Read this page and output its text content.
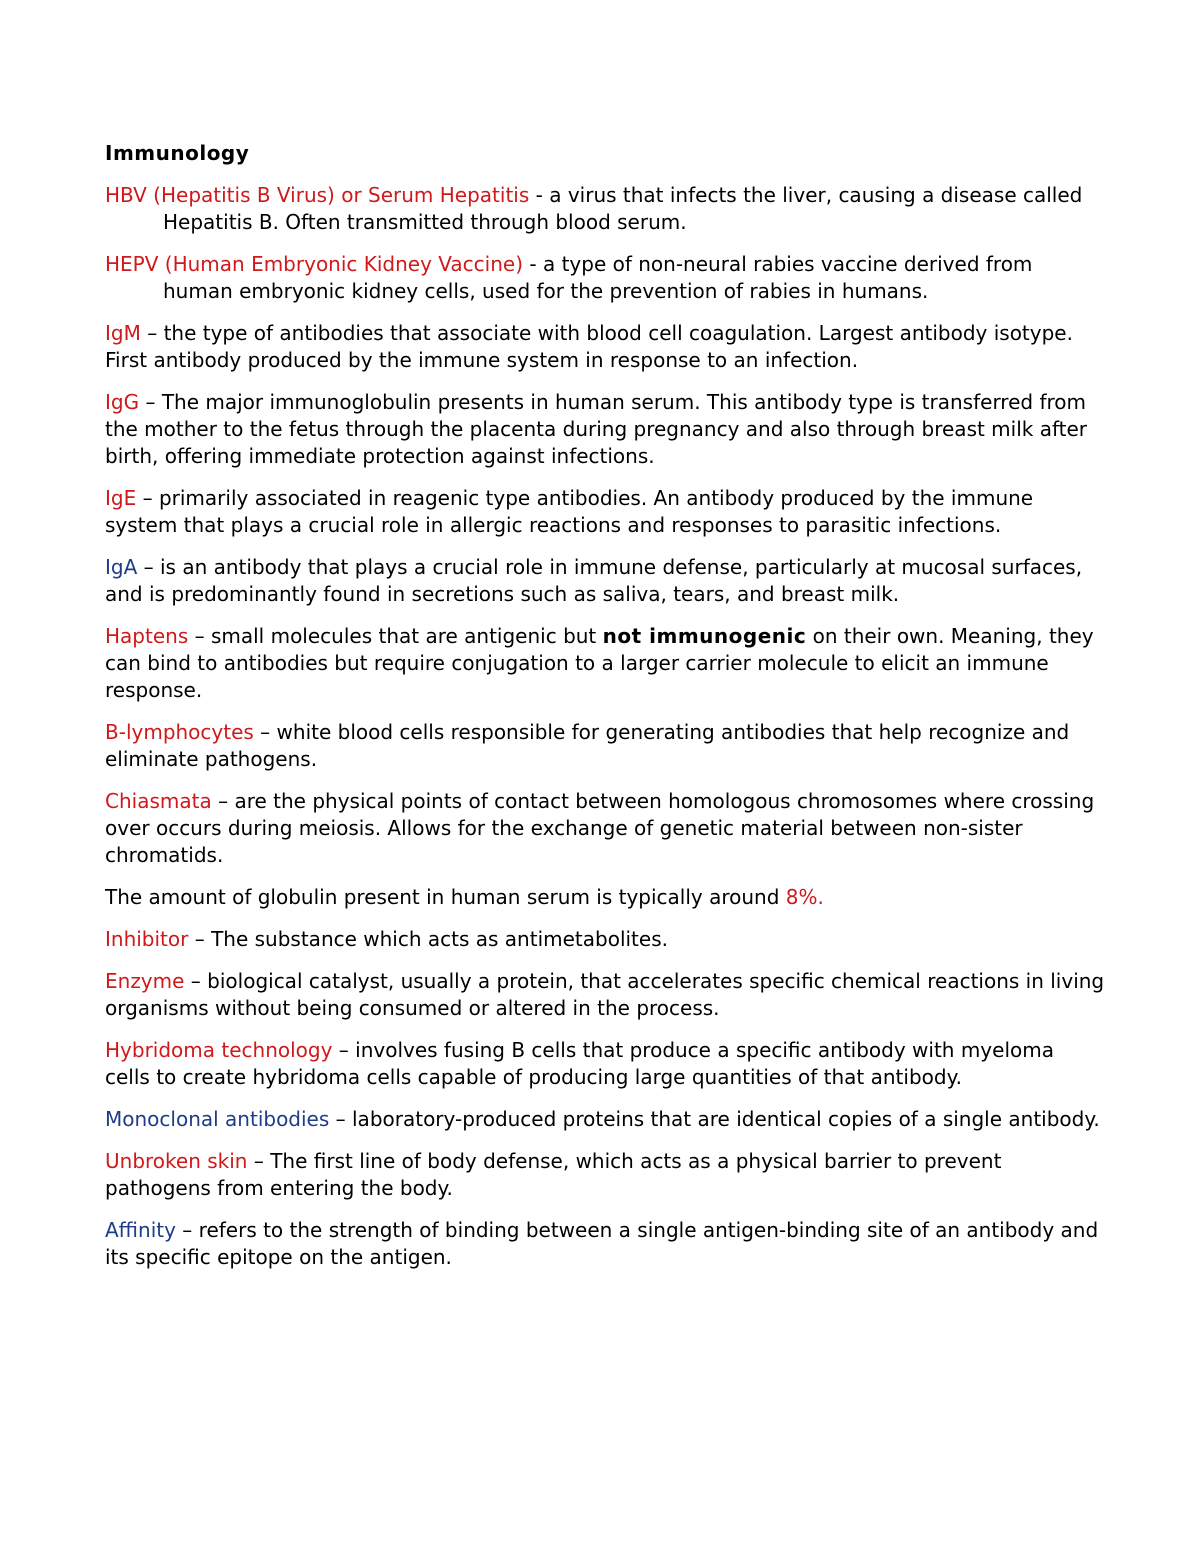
Immunology

HBV (Hepatitis B Virus) or Serum Hepatitis - a virus that infects the liver, causing a disease called Hepatitis B. Often transmitted through blood serum.

HEPV (Human Embryonic Kidney Vaccine) - a type of non-neural rabies vaccine derived from human embryonic kidney cells, used for the prevention of rabies in humans.

IgM – the type of antibodies that associate with blood cell coagulation. Largest antibody isotype. First antibody produced by the immune system in response to an infection.

IgG – The major immunoglobulin presents in human serum. This antibody type is transferred from the mother to the fetus through the placenta during pregnancy and also through breast milk after birth, offering immediate protection against infections.

IgE – primarily associated in reagenic type antibodies. An antibody produced by the immune system that plays a crucial role in allergic reactions and responses to parasitic infections.

IgA – is an antibody that plays a crucial role in immune defense, particularly at mucosal surfaces, and is predominantly found in secretions such as saliva, tears, and breast milk.

Haptens – small molecules that are antigenic but not immunogenic on their own. Meaning, they can bind to antibodies but require conjugation to a larger carrier molecule to elicit an immune response.

B-lymphocytes – white blood cells responsible for generating antibodies that help recognize and eliminate pathogens.

Chiasmata – are the physical points of contact between homologous chromosomes where crossing over occurs during meiosis. Allows for the exchange of genetic material between non-sister chromatids.

The amount of globulin present in human serum is typically around 8%.

Inhibitor – The substance which acts as antimetabolites.

Enzyme – biological catalyst, usually a protein, that accelerates specific chemical reactions in living organisms without being consumed or altered in the process.

Hybridoma technology – involves fusing B cells that produce a specific antibody with myeloma cells to create hybridoma cells capable of producing large quantities of that antibody.

Monoclonal antibodies – laboratory-produced proteins that are identical copies of a single antibody.

Unbroken skin – The first line of body defense, which acts as a physical barrier to prevent pathogens from entering the body.

Affinity – refers to the strength of binding between a single antigen-binding site of an antibody and its specific epitope on the antigen.
